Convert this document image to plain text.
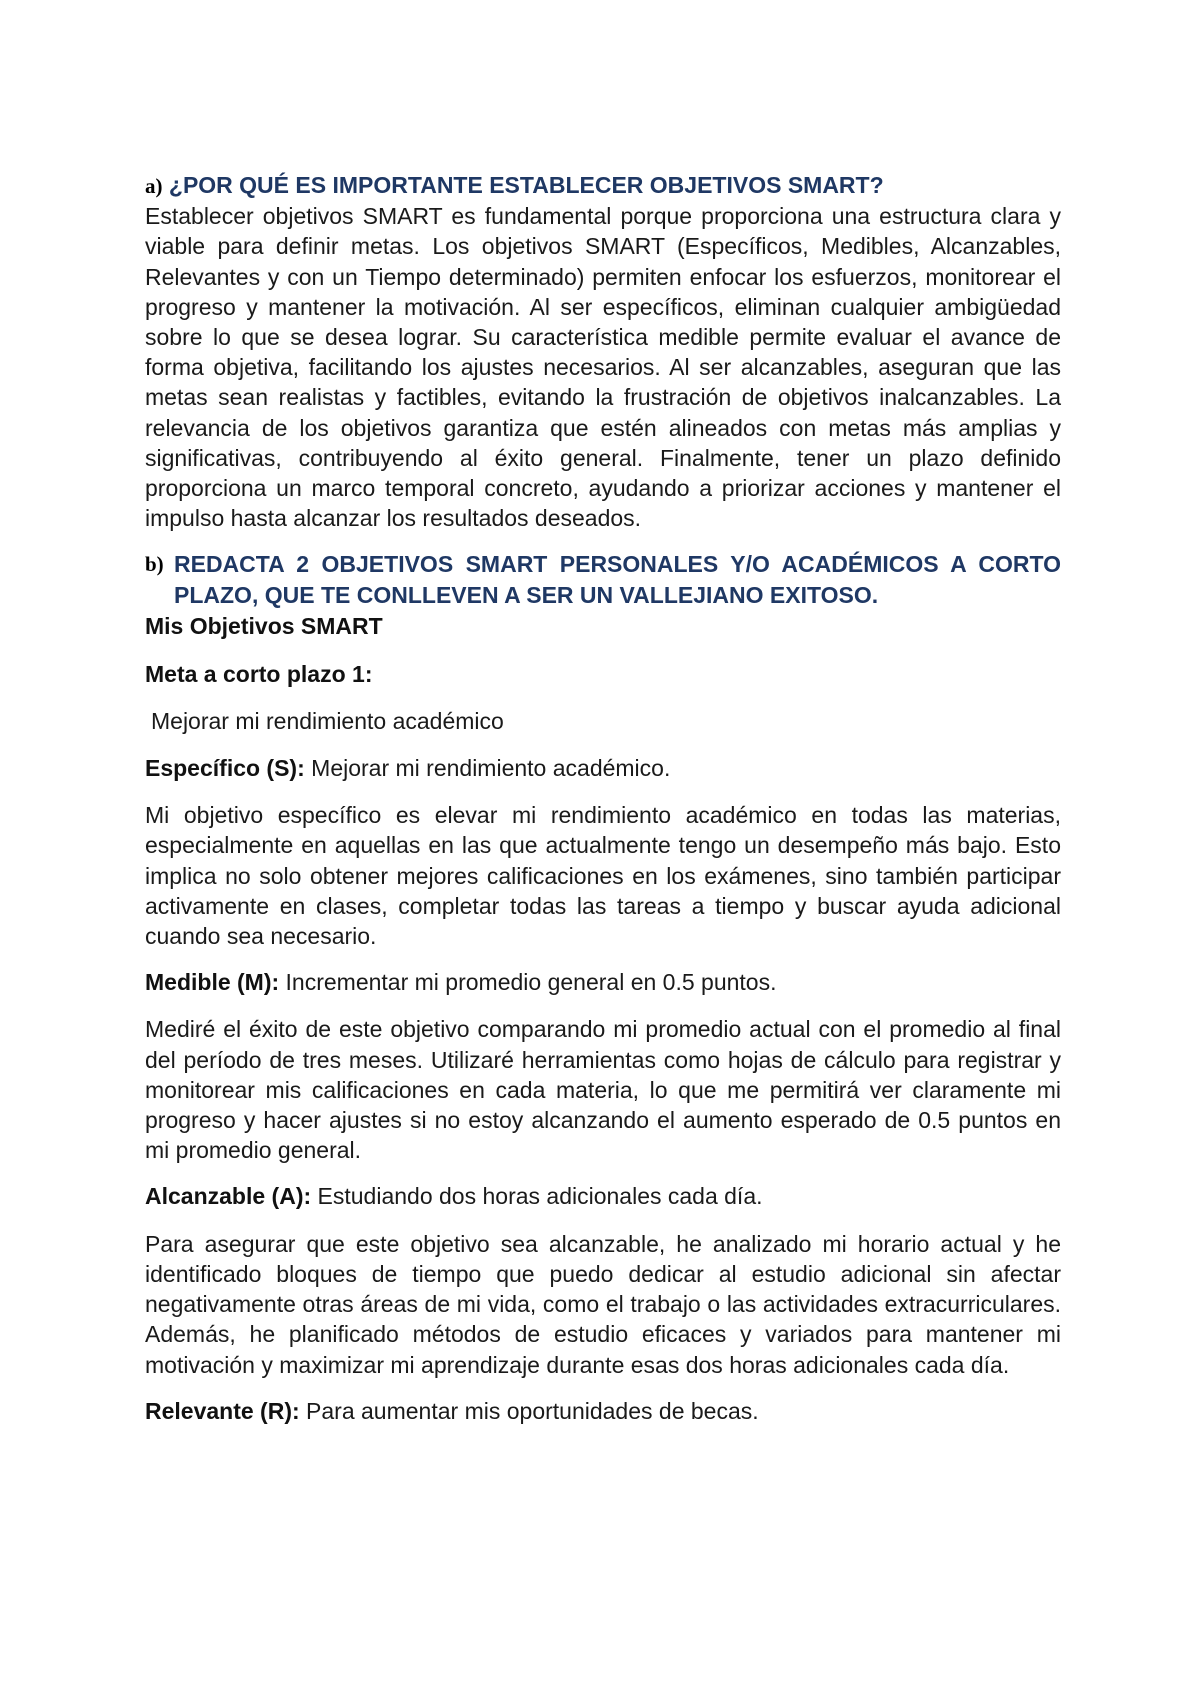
a) ¿POR QUÉ ES IMPORTANTE ESTABLECER OBJETIVOS SMART?

Establecer objetivos SMART es fundamental porque proporciona una estructura clara y viable para definir metas. Los objetivos SMART (Específicos, Medibles, Alcanzables, Relevantes y con un Tiempo determinado) permiten enfocar los esfuerzos, monitorear el progreso y mantener la motivación. Al ser específicos, eliminan cualquier ambigüedad sobre lo que se desea lograr. Su característica medible permite evaluar el avance de forma objetiva, facilitando los ajustes necesarios. Al ser alcanzables, aseguran que las metas sean realistas y factibles, evitando la frustración de objetivos inalcanzables. La relevancia de los objetivos garantiza que estén alineados con metas más amplias y significativas, contribuyendo al éxito general. Finalmente, tener un plazo definido proporciona un marco temporal concreto, ayudando a priorizar acciones y mantener el impulso hasta alcanzar los resultados deseados.

b) REDACTA 2 OBJETIVOS SMART PERSONALES Y/O ACADÉMICOS A CORTO PLAZO, QUE TE CONLLEVEN A SER UN VALLEJIANO EXITOSO.

Mis Objetivos SMART

Meta a corto plazo 1:

Mejorar mi rendimiento académico

Específico (S): Mejorar mi rendimiento académico.

Mi objetivo específico es elevar mi rendimiento académico en todas las materias, especialmente en aquellas en las que actualmente tengo un desempeño más bajo. Esto implica no solo obtener mejores calificaciones en los exámenes, sino también participar activamente en clases, completar todas las tareas a tiempo y buscar ayuda adicional cuando sea necesario.

Medible (M): Incrementar mi promedio general en 0.5 puntos.

Mediré el éxito de este objetivo comparando mi promedio actual con el promedio al final del período de tres meses. Utilizaré herramientas como hojas de cálculo para registrar y monitorear mis calificaciones en cada materia, lo que me permitirá ver claramente mi progreso y hacer ajustes si no estoy alcanzando el aumento esperado de 0.5 puntos en mi promedio general.

Alcanzable (A): Estudiando dos horas adicionales cada día.

Para asegurar que este objetivo sea alcanzable, he analizado mi horario actual y he identificado bloques de tiempo que puedo dedicar al estudio adicional sin afectar negativamente otras áreas de mi vida, como el trabajo o las actividades extracurriculares. Además, he planificado métodos de estudio eficaces y variados para mantener mi motivación y maximizar mi aprendizaje durante esas dos horas adicionales cada día.

Relevante (R): Para aumentar mis oportunidades de becas.
